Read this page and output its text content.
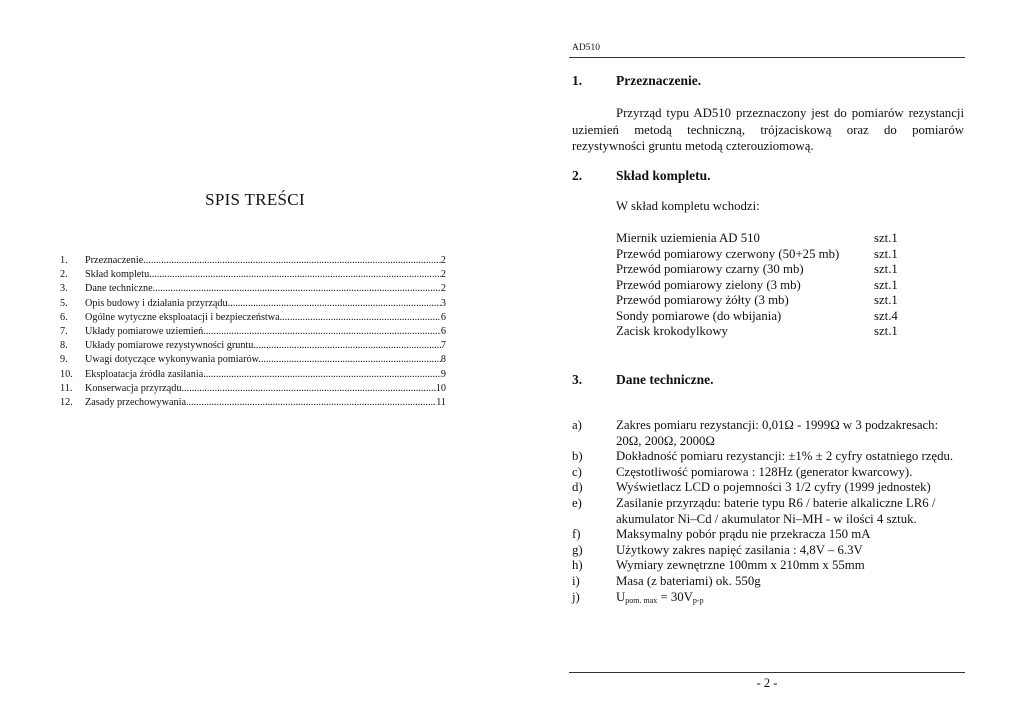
SPIS TREŚCI
1.	Przeznaczenie. .....	2
2.	Skład kompletu. .....	2
3.	Dane techniczne. .....	2
5.	Opis budowy i działania przyrządu. .....	3
6.	Ogólne wytyczne eksploatacji i bezpieczeństwa. .....	6
7.	Układy pomiarowe uziemień. .....	6
8.	Układy pomiarowe rezystywności gruntu. .....	7
9.	Uwagi dotyczące wykonywania pomiarów. .....	8
10.	Eksploatacja źródła zasilania. .....	9
11.	Konserwacja przyrządu. .....	10
12.	Zasady przechowywania. .....	11
AD510
1.	Przeznaczenie.
Przyrząd typu AD510 przeznaczony jest do pomiarów rezystancji uziemień metodą techniczną, trójzaciskową oraz do pomiarów rezystywności gruntu metodą czterouziomową.
2.	Skład kompletu.
W skład kompletu wchodzi:
Miernik uziemienia AD 510	szt.1
Przewód pomiarowy czerwony (50+25 mb)	szt.1
Przewód pomiarowy czarny (30 mb)	szt.1
Przewód pomiarowy zielony (3 mb)	szt.1
Przewód pomiarowy żółty (3 mb)	szt.1
Sondy pomiarowe (do wbijania)	szt.4
Zacisk krokodylkowy	szt.1
3.	Dane techniczne.
a)	Zakres pomiaru rezystancji: 0,01Ω - 1999Ω w 3 podzakresach: 20Ω, 200Ω, 2000Ω
b)	Dokładność pomiaru rezystancji: ±1% ± 2 cyfry ostatniego rzędu.
c)	Częstotliwość pomiarowa : 128Hz (generator kwarcowy).
d)	Wyświetlacz LCD o pojemności 3 1/2 cyfry (1999 jednostek)
e)	Zasilanie przyrządu: baterie typu R6 / baterie alkaliczne LR6 / akumulator Ni–Cd / akumulator Ni–MH - w ilości 4 sztuk.
f)	Maksymalny pobór prądu nie przekracza 150 mA
g)	Użytkowy zakres napięć zasilania : 4,8V – 6.3V
h)	Wymiary zewnętrzne 100mm x 210mm x 55mm
i)	Masa (z bateriami) ok. 550g
j)	$U_{pom. max} = 30V_{p-p}$
- 2 -
